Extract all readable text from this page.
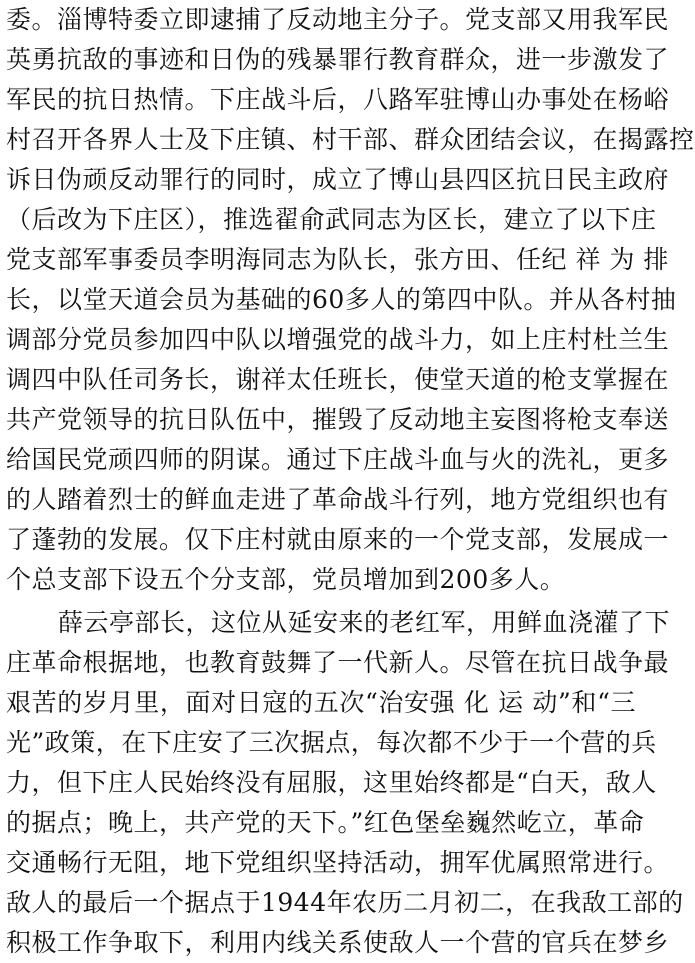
委。淄博特委立即逮捕了反动地主分子。党支部又用我军民
英勇抗敌的事迹和日伪的残暴罪行教育群众，进一步激发了
军民的抗日热情。下庄战斗后，八路军驻博山办事处在杨峪
村召开各界人士及下庄镇、村干部、群众团结会议，在揭露控
诉日伪顽反动罪行的同时，成立了博山县四区抗日民主政府
（后改为下庄区），推选翟俞武同志为区长，建立了以下庄
党支部军事委员李明海同志为队长，张方田、任纪 祥 为 排
长，以堂天道会员为基础的60多人的第四中队。并从各村抽
调部分党员参加四中队以增强党的战斗力，如上庄村杜兰生
调四中队任司务长，谢祥太任班长，使堂天道的枪支掌握在
共产党领导的抗日队伍中，摧毁了反动地主妄图将枪支奉送
给国民党顽四师的阴谋。通过下庄战斗血与火的洗礼，更多
的人踏着烈士的鲜血走进了革命战斗行列，地方党组织也有
了蓬勃的发展。仅下庄村就由原来的一个党支部，发展成一
个总支部下设五个分支部，党员增加到200多人。
薛云亭部长，这位从延安来的老红军，用鲜血浇灌了下
庄革命根据地，也教育鼓舞了一代新人。尽管在抗日战争最
艰苦的岁月里，面对日寇的五次“治安强 化 运 动”和“三
光”政策，在下庄安了三次据点，每次都不少于一个营的兵
力，但下庄人民始终没有屈服，这里始终都是“白天，敌人
的据点；晚上，共产党的天下。”红色堡垒巍然屹立，革命
交通畅行无阻，地下党组织坚持活动，拥军优属照常进行。
敌人的最后一个据点于1944年农历二月初二，在我敌工部的
积极工作争取下，利用内线关系使敌人一个营的官兵在梦乡
